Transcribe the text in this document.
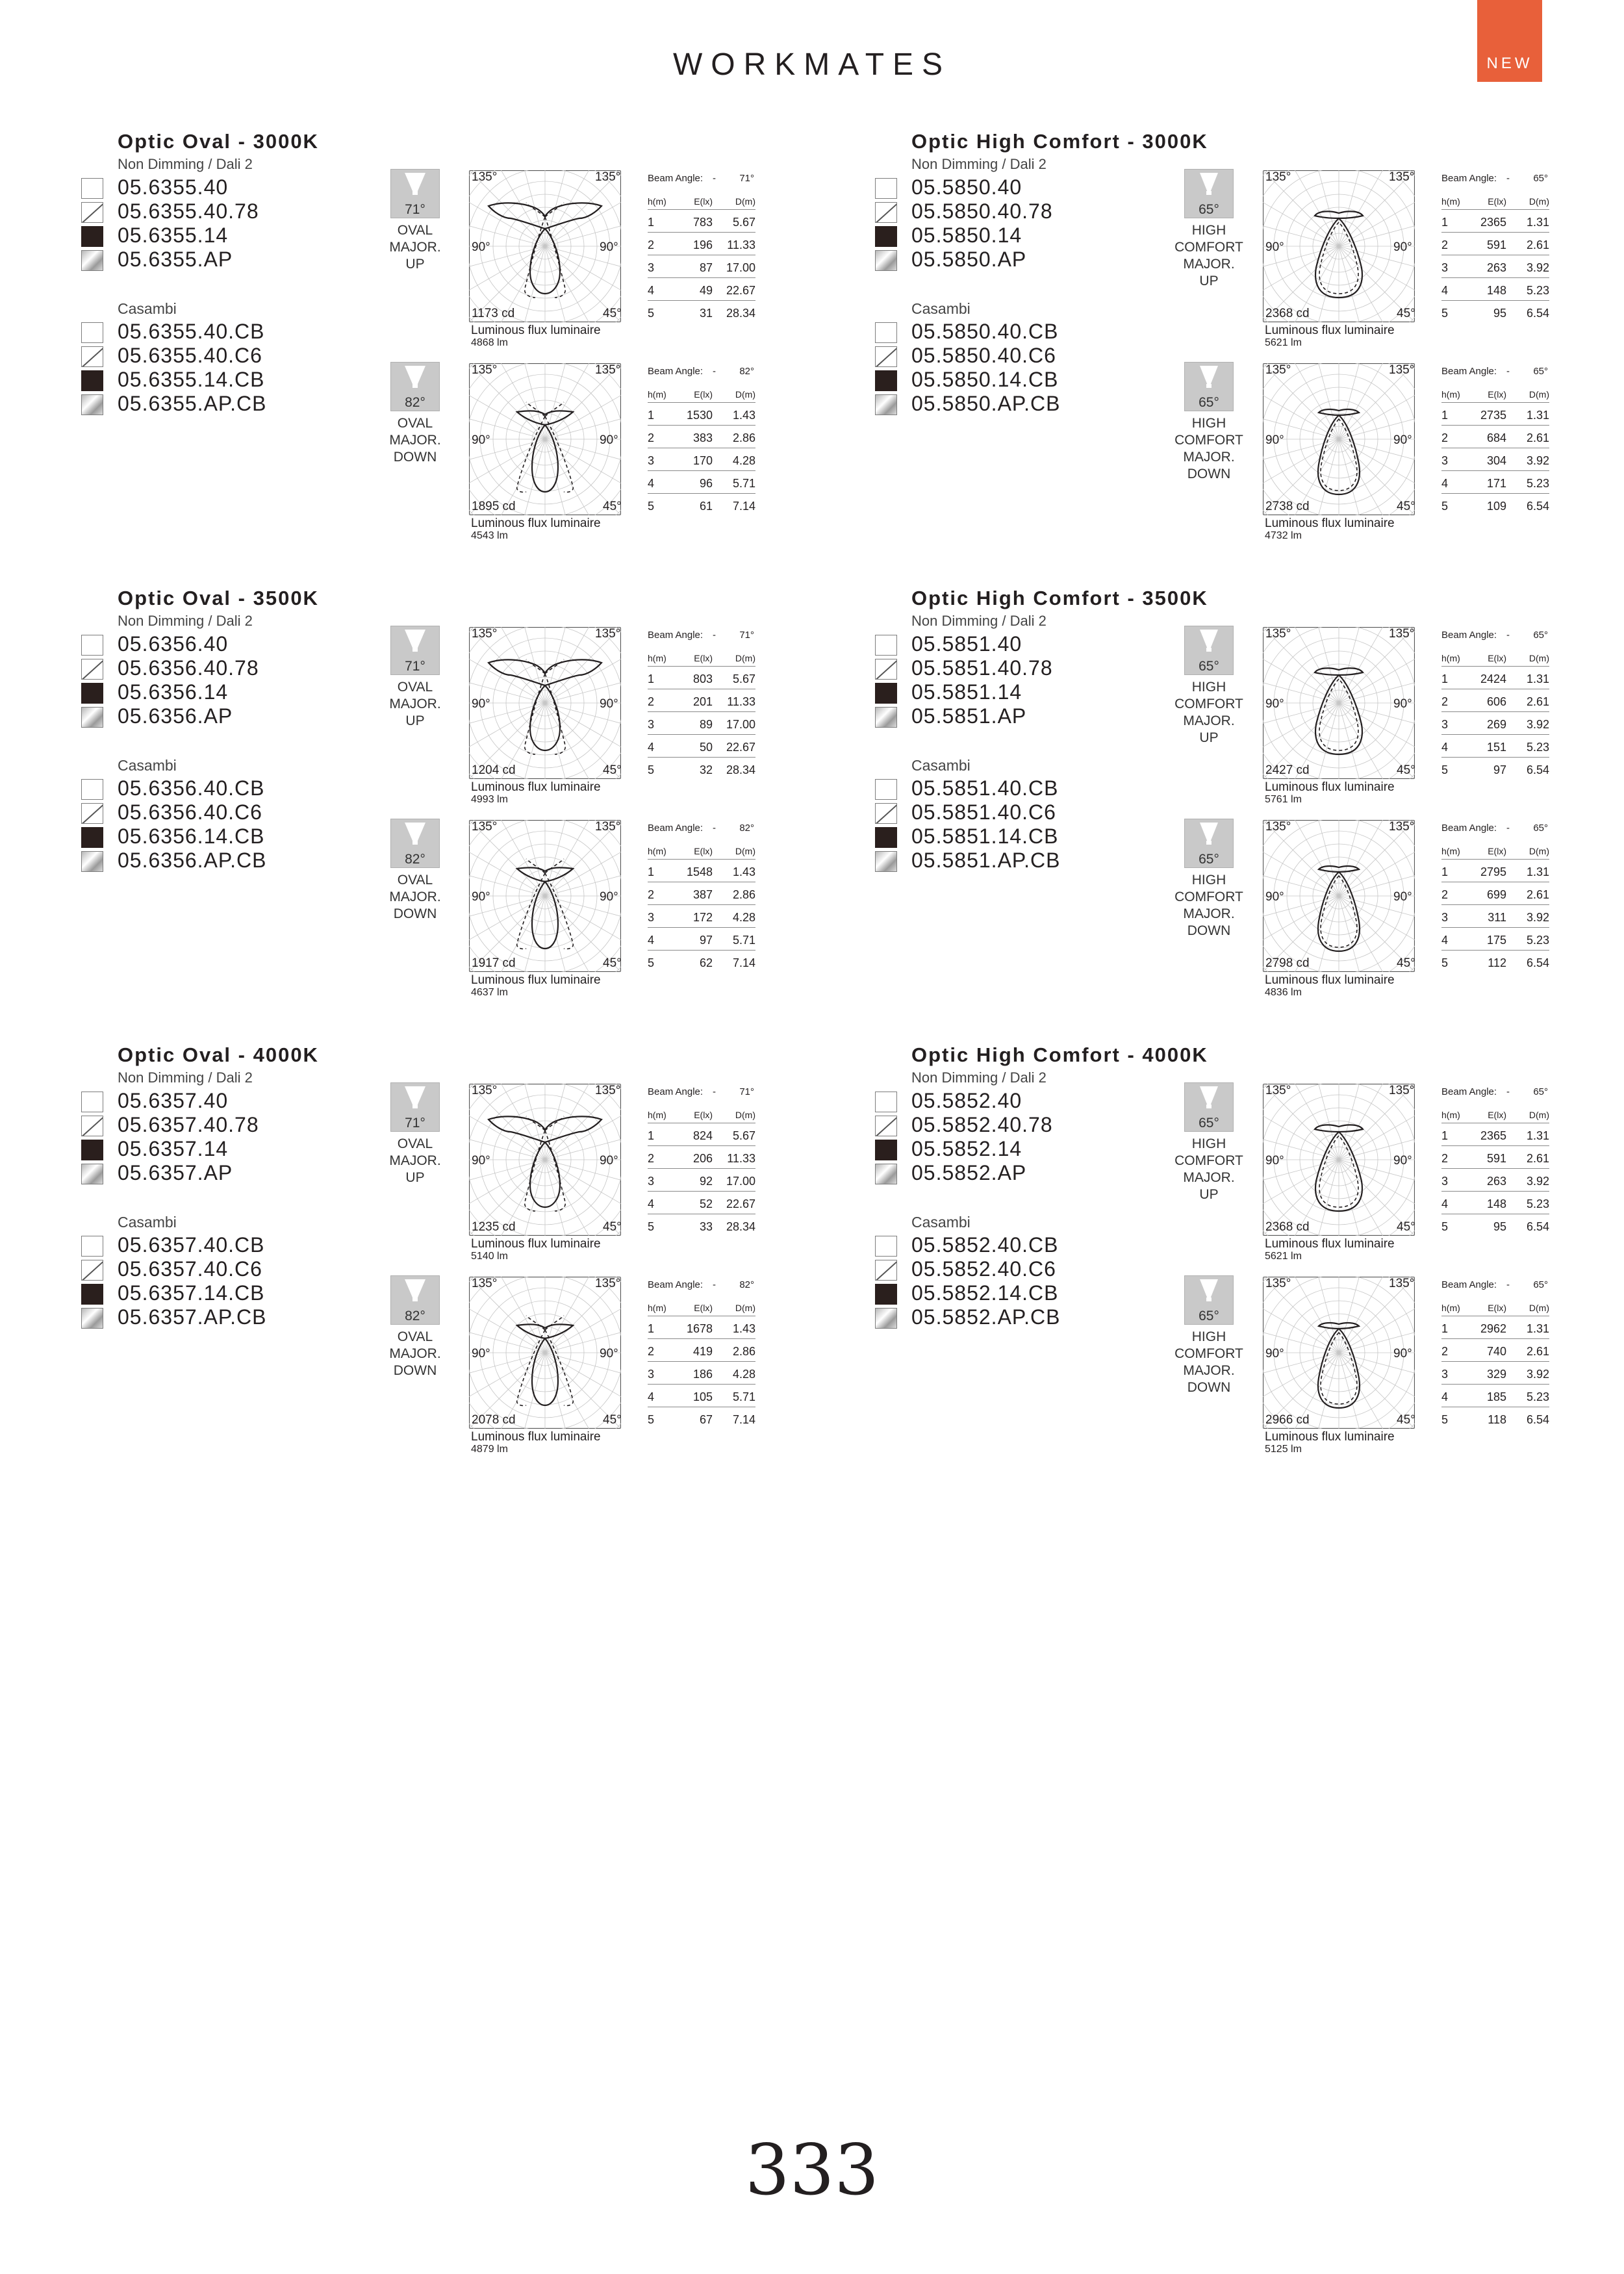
WORKMATES	NEW
Optic Oval - 3000K
Non Dimming / Dali 2
05.6355.40
05.6355.40.78
05.6355.14
05.6355.AP
Casambi
05.6355.40.CB
05.6355.40.C6
05.6355.14.CB
05.6355.AP.CB
71°
OVAL
MAJOR.
UP
135°	135°
90°	90°
45°
1173 cd
Luminous flux luminaire
4868 lm
Beam Angle: -	71°
h(m)	E(lx) D(m)
1	783 5.67
2	196 11.33
3	87 17.00
4	49 22.67
5	31 28.34
82°
OVAL
MAJOR.
DOWN
135°	135°
90°	90°
45°
1895 cd
Luminous flux luminaire
4543 lm
Beam Angle: -	82°
h(m)	E(lx) D(m)
1	1530 1.43
2	383 2.86
3	170 4.28
4	96 5.71
5	61 7.14
Optic High Comfort - 3000K
Non Dimming / Dali 2
05.5850.40
05.5850.40.78
05.5850.14
05.5850.AP
Casambi
05.5850.40.CB
05.5850.40.C6
05.5850.14.CB
05.5850.AP.CB
65°
HIGH
COMFORT
MAJOR.
UP
135°	135°
90°	90°
45°
2368 cd
Luminous flux luminaire
5621 lm
Beam Angle: -	65°
h(m)	E(lx) D(m)
1	2365 1.31
2	591 2.61
3	263 3.92
4	148 5.23
5	95 6.54
65°
HIGH
COMFORT
MAJOR.
DOWN
135°	135°
90°	90°
45°
2738 cd
Luminous flux luminaire
4732 lm
Beam Angle: -	65°
h(m)	E(lx) D(m)
1	2735 1.31
2	684 2.61
3	304 3.92
4	171 5.23
5	109 6.54
Optic Oval - 3500K
Non Dimming / Dali 2
05.6356.40
05.6356.40.78
05.6356.14
05.6356.AP
Casambi
05.6356.40.CB
05.6356.40.C6
05.6356.14.CB
05.6356.AP.CB
71°
OVAL
MAJOR.
UP
135°	135°
90°	90°
45°
1204 cd
Luminous flux luminaire
4993 lm
Beam Angle: -	71°
h(m)	E(lx) D(m)
1	803 5.67
2	201 11.33
3	89 17.00
4	50 22.67
5	32 28.34
82°
OVAL
MAJOR.
DOWN
135°	135°
90°	90°
45°
1917 cd
Luminous flux luminaire
4637 lm
Beam Angle: -	82°
h(m)	E(lx) D(m)
1	1548 1.43
2	387 2.86
3	172 4.28
4	97 5.71
5	62 7.14
Optic High Comfort - 3500K
Non Dimming / Dali 2
05.5851.40
05.5851.40.78
05.5851.14
05.5851.AP
Casambi
05.5851.40.CB
05.5851.40.C6
05.5851.14.CB
05.5851.AP.CB
65°
HIGH
COMFORT
MAJOR.
UP
135°	135°
90°	90°
45°
2427 cd
Luminous flux luminaire
5761 lm
Beam Angle: -	65°
h(m)	E(lx) D(m)
1	2424 1.31
2	606 2.61
3	269 3.92
4	151 5.23
5	97 6.54
65°
HIGH
COMFORT
MAJOR.
DOWN
135°	135°
90°	90°
45°
2798 cd
Luminous flux luminaire
4836 lm
Beam Angle: -	65°
h(m)	E(lx) D(m)
1	2795 1.31
2	699 2.61
3	311 3.92
4	175 5.23
5	112 6.54
Optic Oval - 4000K
Non Dimming / Dali 2
05.6357.40
05.6357.40.78
05.6357.14
05.6357.AP
Casambi
05.6357.40.CB
05.6357.40.C6
05.6357.14.CB
05.6357.AP.CB
71°
OVAL
MAJOR.
UP
135°	135°
90°	90°
45°
1235 cd
Luminous flux luminaire
5140 lm
Beam Angle: -	71°
h(m)	E(lx) D(m)
1	824 5.67
2	206 11.33
3	92 17.00
4	52 22.67
5	33 28.34
82°
OVAL
MAJOR.
DOWN
135°	135°
90°	90°
45°
2078 cd
Luminous flux luminaire
4879 lm
Beam Angle: -	82°
h(m)	E(lx) D(m)
1	1678 1.43
2	419 2.86
3	186 4.28
4	105 5.71
5	67 7.14
Optic High Comfort - 4000K
Non Dimming / Dali 2
05.5852.40
05.5852.40.78
05.5852.14
05.5852.AP
Casambi
05.5852.40.CB
05.5852.40.C6
05.5852.14.CB
05.5852.AP.CB
65°
HIGH
COMFORT
MAJOR.
UP
135°	135°
90°	90°
45°
2368 cd
Luminous flux luminaire
5621 lm
Beam Angle: -	65°
h(m)	E(lx) D(m)
1	2365 1.31
2	591 2.61
3	263 3.92
4	148 5.23
5	95 6.54
65°
HIGH
COMFORT
MAJOR.
DOWN
135°	135°
90°	90°
45°
2966 cd
Luminous flux luminaire
5125 lm
Beam Angle: -	65°
h(m)	E(lx) D(m)
1	2962 1.31
2	740 2.61
3	329 3.92
4	185 5.23
5	118 6.54
333
